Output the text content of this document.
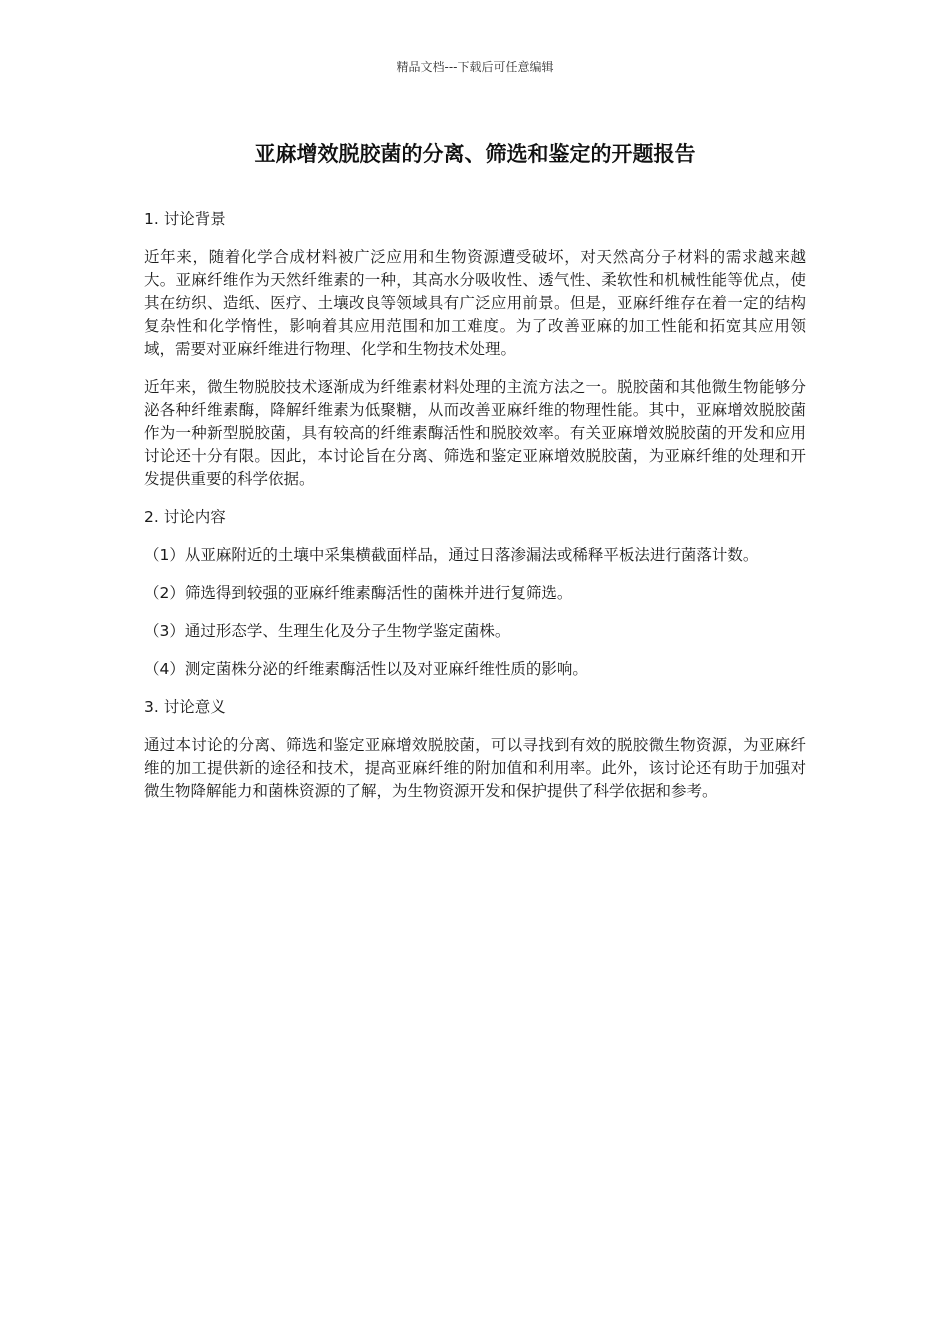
精品文档---下载后可任意编辑
亚麻增效脱胶菌的分离、筛选和鉴定的开题报告

1. 讨论背景

近年来，随着化学合成材料被广泛应用和生物资源遭受破坏，对天然高分子材料的需求越来越大。亚麻纤维作为天然纤维素的一种，其高水分吸收性、透气性、柔软性和机械性能等优点，使其在纺织、造纸、医疗、土壤改良等领域具有广泛应用前景。但是，亚麻纤维存在着一定的结构复杂性和化学惰性，影响着其应用范围和加工难度。为了改善亚麻的加工性能和拓宽其应用领域，需要对亚麻纤维进行物理、化学和生物技术处理。

近年来，微生物脱胶技术逐渐成为纤维素材料处理的主流方法之一。脱胶菌和其他微生物能够分泌各种纤维素酶，降解纤维素为低聚糖，从而改善亚麻纤维的物理性能。其中，亚麻增效脱胶菌作为一种新型脱胶菌，具有较高的纤维素酶活性和脱胶效率。有关亚麻增效脱胶菌的开发和应用讨论还十分有限。因此，本讨论旨在分离、筛选和鉴定亚麻增效脱胶菌，为亚麻纤维的处理和开发提供重要的科学依据。

2. 讨论内容

（1）从亚麻附近的土壤中采集横截面样品，通过日落渗漏法或稀释平板法进行菌落计数。

（2）筛选得到较强的亚麻纤维素酶活性的菌株并进行复筛选。

（3）通过形态学、生理生化及分子生物学鉴定菌株。

（4）测定菌株分泌的纤维素酶活性以及对亚麻纤维性质的影响。

3. 讨论意义

通过本讨论的分离、筛选和鉴定亚麻增效脱胶菌，可以寻找到有效的脱胶微生物资源，为亚麻纤维的加工提供新的途径和技术，提高亚麻纤维的附加值和利用率。此外，该讨论还有助于加强对微生物降解能力和菌株资源的了解，为生物资源开发和保护提供了科学依据和参考。
